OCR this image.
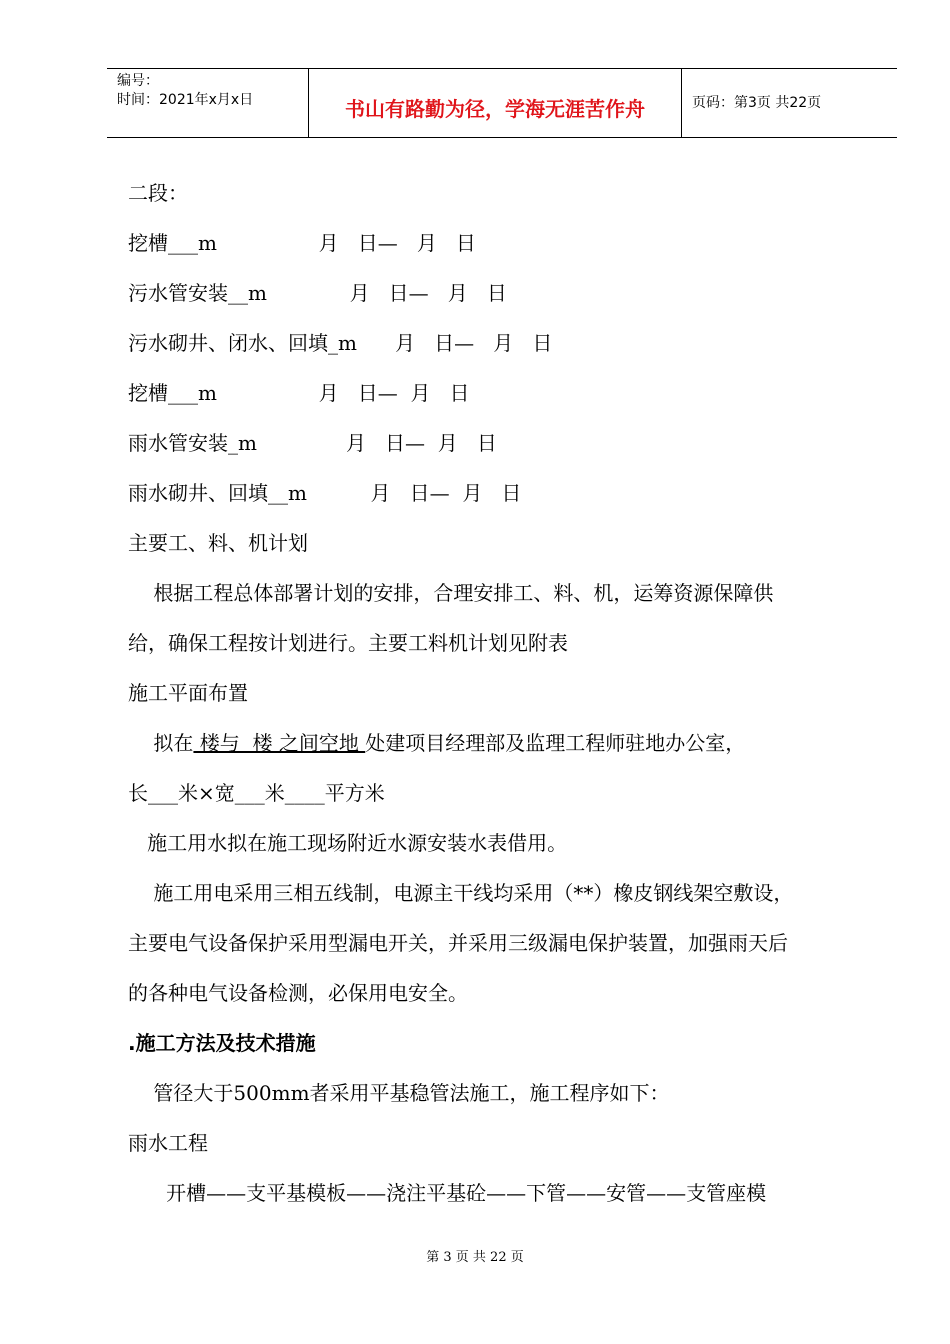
编号：
时间：2021年x月x日	书山有路勤为径，学海无涯苦作舟	页码：第3页 共22页
二段：
挖槽___m                月   日—   月   日
污水管安装__m             月   日—   月   日
污水砌井、闭水、回填_m      月   日—   月   日
挖槽___m                月   日—  月   日
雨水管安装_m              月   日—  月   日
雨水砌井、回填__m          月   日—  月   日
主要工、料、机计划
根据工程总体部署计划的安排，合理安排工、料、机，运筹资源保障供
给，确保工程按计划进行。主要工料机计划见附表
施工平面布置
拟在 楼与  楼 之间空地 处建项目经理部及监理工程师驻地办公室，
长___米×宽___米____平方米
施工用水拟在施工现场附近水源安装水表借用。
施工用电采用三相五线制，电源主干线均采用（**）橡皮钢线架空敷设，
主要电气设备保护采用型漏电开关，并采用三级漏电保护装置，加强雨天后
的各种电气设备检测，必保用电安全。
.施工方法及技术措施
管径大于500mm者采用平基稳管法施工，施工程序如下：
雨水工程
开槽——支平基模板——浇注平基砼——下管——安管——支管座模
第 3 页 共 22 页
